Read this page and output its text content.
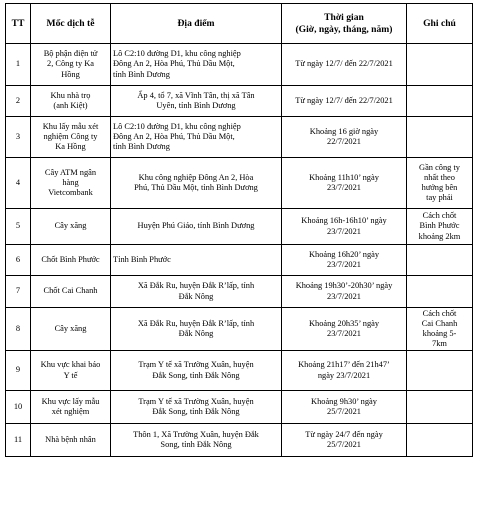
TT	Mốc dịch tễ	Địa điểm	Thời gian
(Giờ, ngày, tháng, năm)	Ghi chú
1	Bộ phận điện tử
2, Công ty Ka
Hồng	Lô C2:10 đường D1, khu công nghiệp
Đông An 2, Hòa Phú, Thủ Dầu Một,
tỉnh Bình Dương	Từ ngày 12/7/ đến 22/7/2021	
2	Khu nhà trọ
(anh Kiệt)	Ấp 4, tổ 7, xã Vĩnh Tân, thị xã Tân
Uyên, tỉnh Bình Dương	Từ ngày 12/7/ đến 22/7/2021	
3	Khu lấy mẫu xét
nghiệm Công ty
Ka Hồng	Lô C2:10 đường D1, khu công nghiệp
Đông An 2, Hòa Phú, Thủ Dầu Một,
tỉnh Bình Dương	Khoảng 16 giờ ngày
22/7/2021	
4	Cây ATM ngân
hàng
Vietcombank	Khu công nghiệp Đông An 2, Hòa
Phú, Thủ Dầu Một, tỉnh Bình Dương	Khoảng 11h10’ ngày
23/7/2021	Gần công ty
nhất theo
hướng bên
tay phải
5	Cây xăng	Huyện Phú Giáo, tỉnh Bình Dương	Khoảng 16h-16h10’ ngày
23/7/2021	Cách chốt
Bình Phước
khoảng 2km
6	Chốt Bình Phước	Tỉnh Bình Phước	Khoảng 16h20’ ngày
23/7/2021	
7	Chốt Cai Chanh	Xã Đắk Ru, huyện Đắk R’lấp, tỉnh
Đắk Nông	Khoảng 19h30’-20h30’ ngày
23/7/2021	
8	Cây xăng	Xã Đắk Ru, huyện Đắk R’lấp, tỉnh
Đắk Nông	Khoảng 20h35’ ngày
23/7/2021	Cách chốt
Cai Chanh
khoảng 5-
7km
9	Khu vực khai báo
Y tế	Trạm Y tế xã Trường Xuân, huyện
Đắk Song, tỉnh Đắk Nông	Khoảng 21h17’ đến 21h47’
ngày 23/7/2021	
10	Khu vực lấy mẫu
xét nghiệm	Trạm Y tế xã Trường Xuân, huyện
Đắk Song, tỉnh Đắk Nông	Khoảng 9h30’ ngày
25/7/2021	
11	Nhà bệnh nhân	Thôn 1, Xã Trường Xuân, huyện Đắk
Song, tỉnh Đắk Nông	Từ ngày 24/7 đến ngày
25/7/2021	
